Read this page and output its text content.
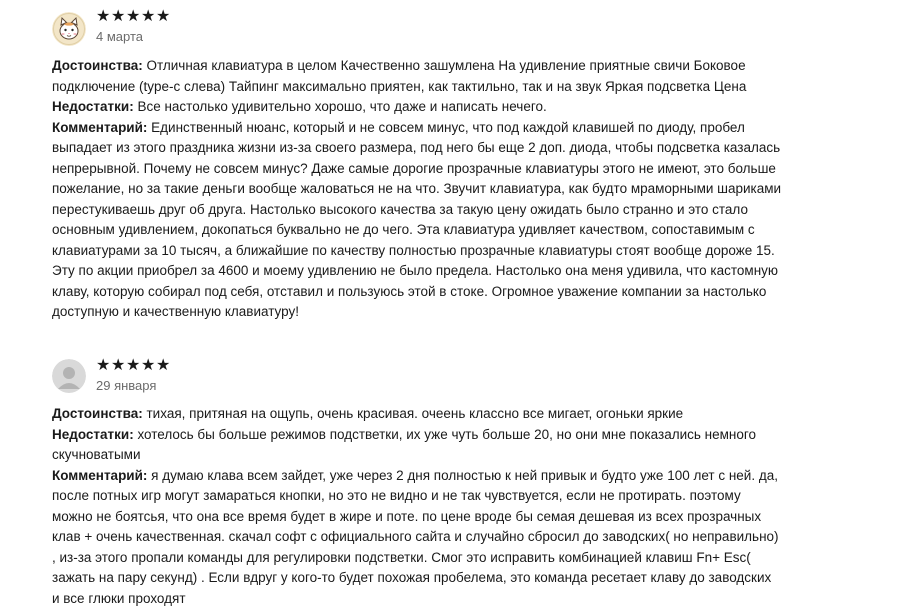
★ ★ ★ ★ ★
4 марта

Достоинства: Отличная клавиатура в целом Качественно зашумлена На удивление приятные свичи Боковое подключение (type-c слева) Тайпинг максимально приятен, как тактильно, так и на звук Яркая подсветка Цена

Недостатки: Все настолько удивительно хорошо, что даже и написать нечего.

Комментарий: Единственный нюанс, который и не совсем минус, что под каждой клавишей по диоду, пробел выпадает из этого праздника жизни из-за своего размера, под него бы еще 2 доп. диода, чтобы подсветка казалась непрерывной. Почему не совсем минус? Даже самые дорогие прозрачные клавиатуры этого не имеют, это больше пожелание, но за такие деньги вообще жаловаться не на что. Звучит клавиатура, как будто мраморными шариками перестукиваешь друг об друга. Настолько высокого качества за такую цену ожидать было странно и это стало основным удивлением, докопаться буквально не до чего. Эта клавиатура удивляет качеством, сопоставимым с клавиатурами за 10 тысяч, а ближайшие по качеству полностью прозрачные клавиатуры стоят вообще дороже 15. Эту по акции приобрел за 4600 и моему удивлению не было предела. Настолько она меня удивила, что кастомную клаву, которую собирал под себя, отставил и пользуюсь этой в стоке. Огромное уважение компании за настолько доступную и качественную клавиатуру!

★ ★ ★ ★ ★
29 января

Достоинства: тихая, притяная на ощупь, очень красивая. очеень классно все мигает, огоньки яркие

Недостатки: хотелось бы больше режимов подстветки, их уже чуть больше 20, но они мне показались немного скучноватыми

Комментарий: я думаю клава всем зайдет, уже через 2 дня полностью к ней привык и будто уже 100 лет с ней. да, после потных игр могут замараться кнопки, но это не видно и не так чувствуется, если не протирать. поэтому можно не боятсья, что она все время будет в жире и поте. по цене вроде бы семая дешевая из всех прозрачных клав + очень качественная. скачал софт с официального сайта и случайно сбросил до заводских( но неправильно) , из-за этого пропали команды для регулировки подстветки. Смог это исправить комбинацией клавиш Fn+ Esc( зажать на пару секунд) . Если вдруг у кого-то будет похожая пробелема, это команда ресетает клаву до заводских и все глюки проходят
